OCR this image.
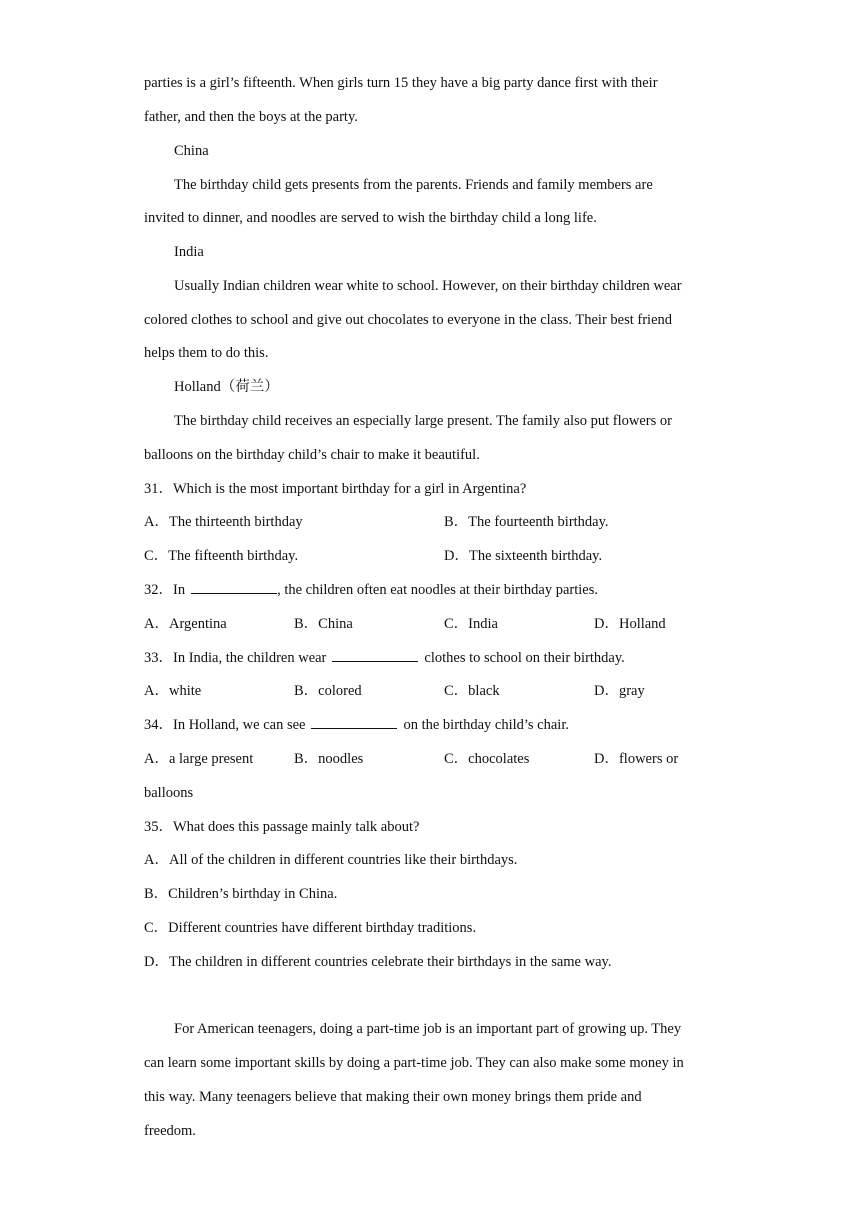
parties is a girl’s fifteenth. When girls turn 15 they have a big party dance first with their
father, and then the boys at the party.
China
The birthday child gets presents from the parents. Friends and family members are
invited to dinner, and noodles are served to wish the birthday child a long life.
India
Usually Indian children wear white to school. However, on their birthday children wear
colored clothes to school and give out chocolates to everyone in the class. Their best friend
helps them to do this.
Holland（荷兰）
The birthday child receives an especially large present. The family also put flowers or
balloons on the birthday child’s chair to make it beautiful.
31．Which is the most important birthday for a girl in Argentina?
A．The thirteenth birthday	B．The fourteenth birthday.
C．The fifteenth birthday.	D．The sixteenth birthday.
32．In	, the children often eat noodles at their birthday parties.
A．Argentina	B．China	C．India	D．Holland
33．In India, the children wear	clothes to school on their birthday.
A．white	B．colored	C．black	D．gray
34．In Holland, we can see	on the birthday child’s chair.
A．a large present	B．noodles	C．chocolates	D．flowers or
balloons
35．What does this passage mainly talk about?
A．All of the children in different countries like their birthdays.
B．Children’s birthday in China.
C．Different countries have different birthday traditions.
D．The children in different countries celebrate their birthdays in the same way.
For American teenagers, doing a part-time job is an important part of growing up. They
can learn some important skills by doing a part-time job. They can also make some money in
this way. Many teenagers believe that making their own money brings them pride and
freedom.
